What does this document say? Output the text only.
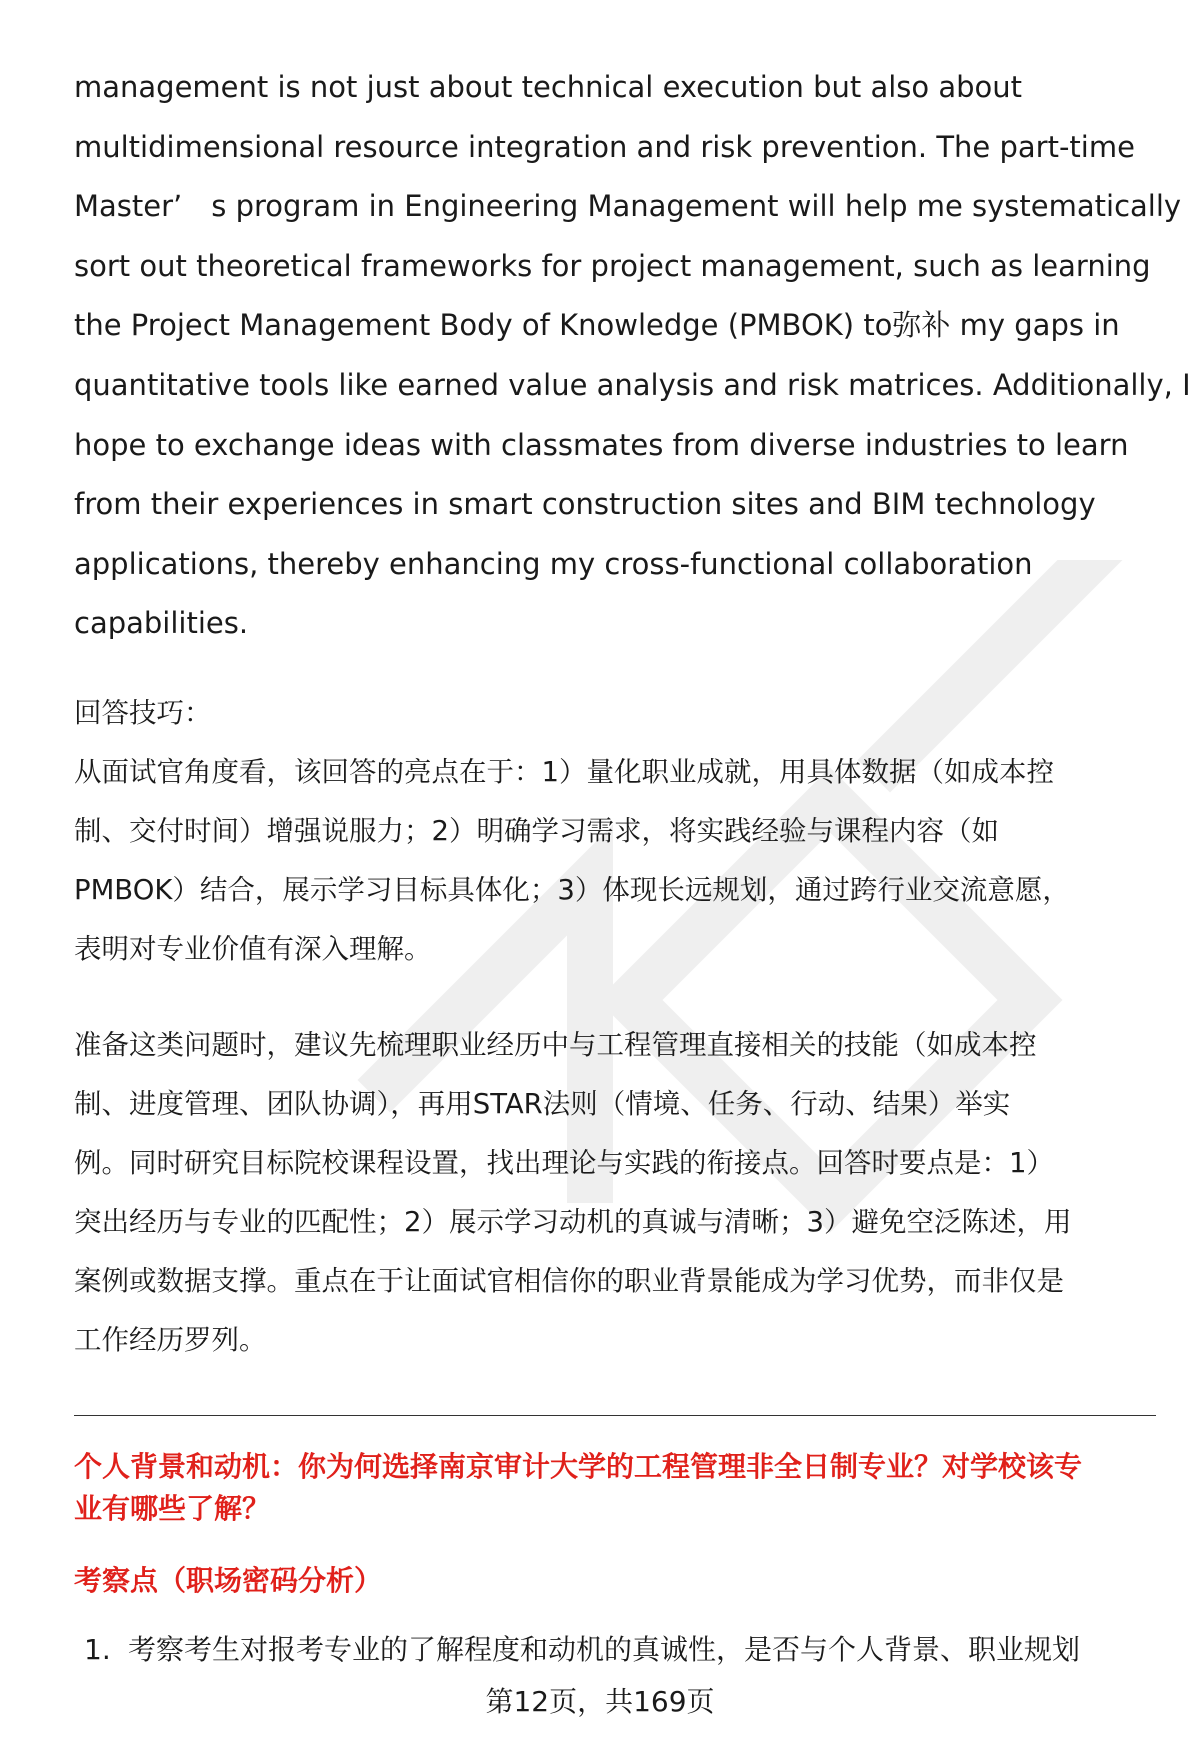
management is not just about technical execution but also about
multidimensional resource integration and risk prevention. The part-time
Master’　s program in Engineering Management will help me systematically
sort out theoretical frameworks for project management, such as learning
the Project Management Body of Knowledge (PMBOK) to弥补 my gaps in
quantitative tools like earned value analysis and risk matrices. Additionally, I
hope to exchange ideas with classmates from diverse industries to learn
from their experiences in smart construction sites and BIM technology
applications, thereby enhancing my cross-functional collaboration
capabilities.

回答技巧：
从面试官角度看，该回答的亮点在于：1）量化职业成就，用具体数据（如成本控
制、交付时间）增强说服力；2）明确学习需求，将实践经验与课程内容（如
PMBOK）结合，展示学习目标具体化；3）体现长远规划，通过跨行业交流意愿，
表明对专业价值有深入理解。
准备这类问题时，建议先梳理职业经历中与工程管理直接相关的技能（如成本控
制、进度管理、团队协调），再用STAR法则（情境、任务、行动、结果）举实
例。同时研究目标院校课程设置，找出理论与实践的衔接点。回答时要点是：1）
突出经历与专业的匹配性；2）展示学习动机的真诚与清晰；3）避免空泛陈述，用
案例或数据支撑。重点在于让面试官相信你的职业背景能成为学习优势，而非仅是
工作经历罗列。
个人背景和动机：你为何选择南京审计大学的工程管理非全日制专业？对学校该专
业有哪些了解？
考察点（职场密码分析）
1. 考察考生对报考专业的了解程度和动机的真诚性，是否与个人背景、职业规划
第12页，共169页
